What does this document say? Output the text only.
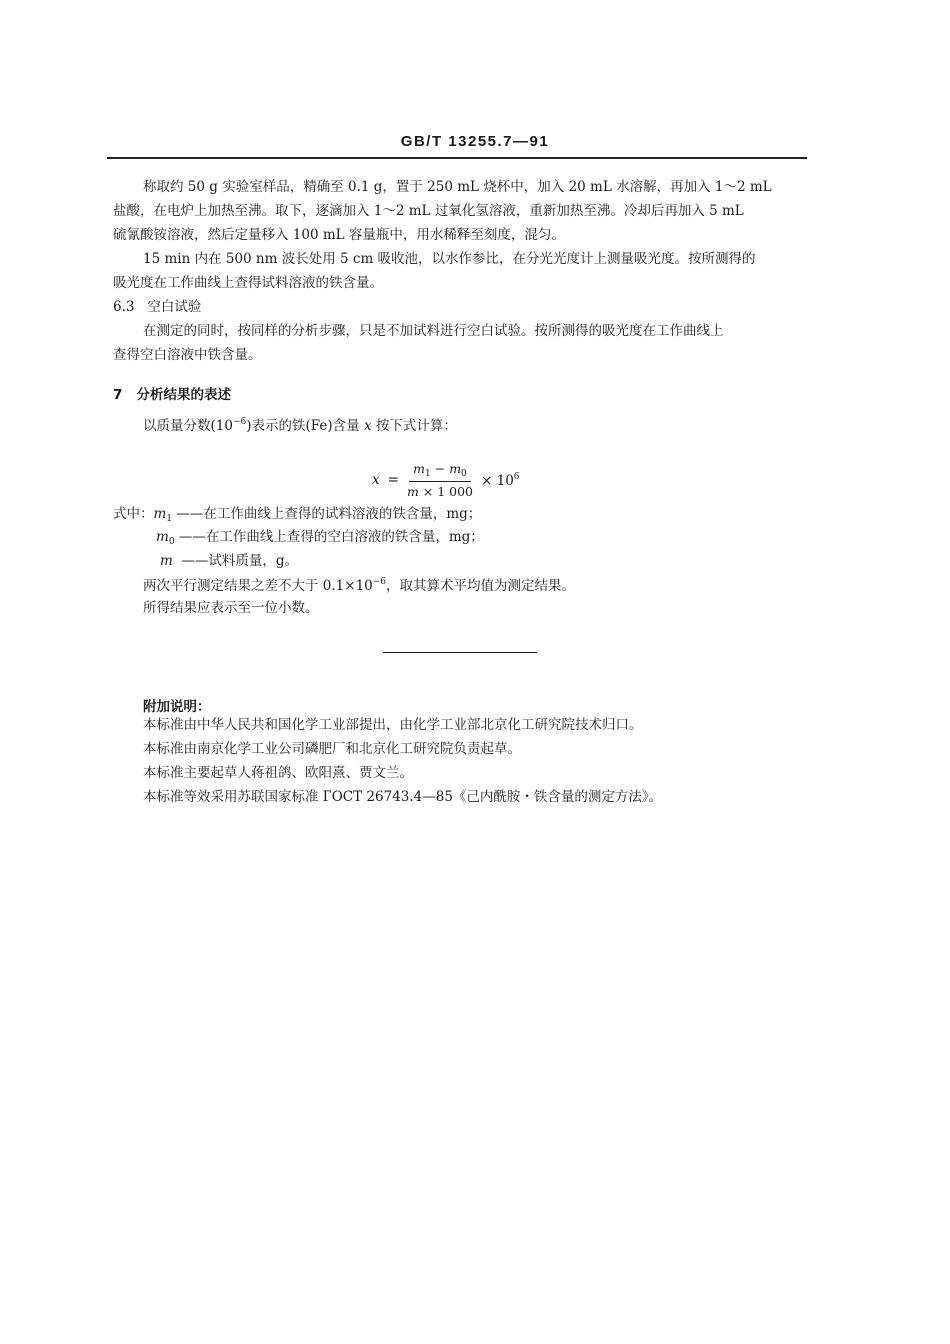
GB/T 13255.7—91
称取约 50 g 实验室样品，精确至 0.1 g，置于 250 mL 烧杯中，加入 20 mL 水溶解，再加入 1～2 mL
盐酸，在电炉上加热至沸。取下，逐滴加入 1～2 mL 过氧化氢溶液，重新加热至沸。冷却后再加入 5 mL
硫氰酸铵溶液，然后定量移入 100 mL 容量瓶中，用水稀释至刻度，混匀。
15 min 内在 500 nm 波长处用 5 cm 吸收池，以水作参比，在分光光度计上测量吸光度。按所测得的
吸光度在工作曲线上查得试料溶液的铁含量。
6.3 空白试验
在测定的同时，按同样的分析步骤，只是不加试料进行空白试验。按所测得的吸光度在工作曲线上
查得空白溶液中铁含量。
7 分析结果的表述
以质量分数$(10^{-6})$表示的铁(Fe)含量 x 按下式计算：
$x = \frac{m_1 - m_0}{m \times 1 000} \times 10^6$
式中：$m_1$ ——在工作曲线上查得的试料溶液的铁含量，mg；
$m_0$ ——在工作曲线上查得的空白溶液的铁含量，mg；
m  ——试料质量，g。
两次平行测定结果之差不大于 $0.1\times 10^{-6}$，取其算术平均值为测定结果。
所得结果应表示至一位小数。
附加说明：
本标准由中华人民共和国化学工业部提出，由化学工业部北京化工研究院技术归口。
本标准由南京化学工业公司磷肥厂和北京化工研究院负责起草。
本标准主要起草人蒋祖鸽、欧阳熹、贾文兰。
本标准等效采用苏联国家标准 ГОСТ 26743.4—85《己内酰胺・铁含量的测定方法》。
